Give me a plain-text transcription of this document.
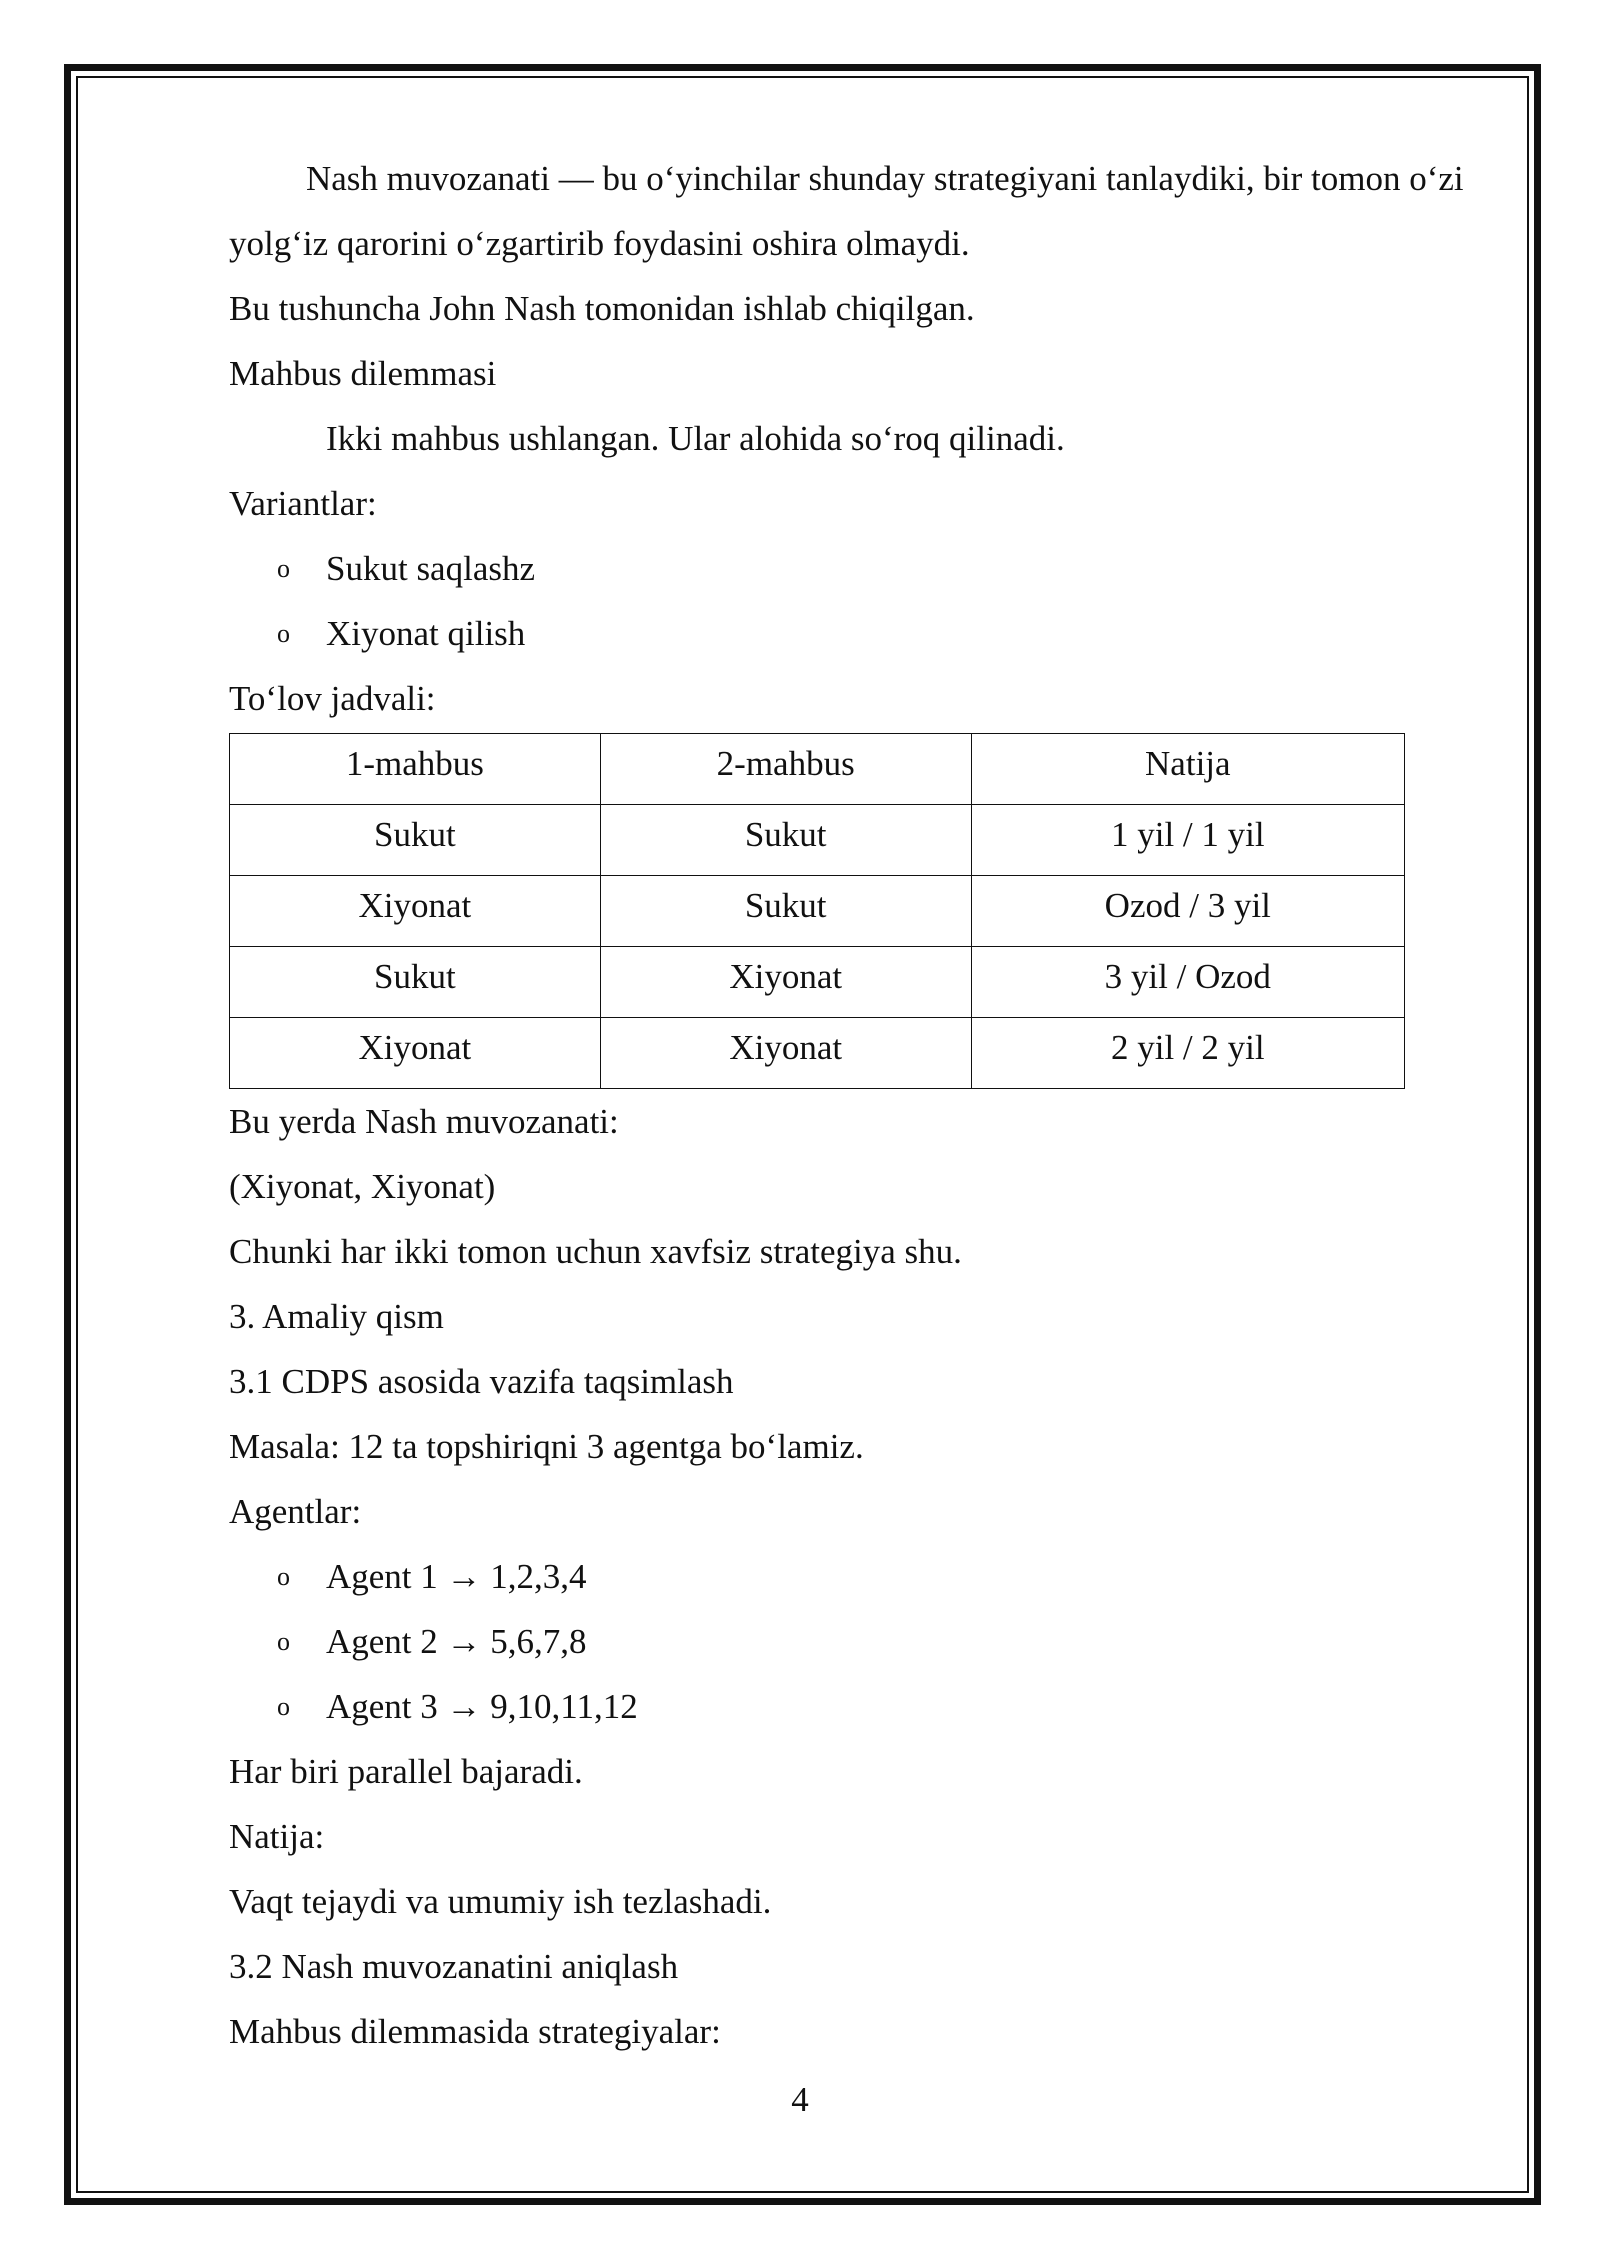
Nash muvozanati — bu o‘yinchilar shunday strategiyani tanlaydiki, bir tomon o‘zi yolg‘iz qarorini o‘zgartirib foydasini oshira olmaydi.

Bu tushuncha John Nash tomonidan ishlab chiqilgan.

Mahbus dilemmasi

Ikki mahbus ushlangan. Ular alohida so‘roq qilinadi.

Variantlar:

o Sukut saqlashz
o Xiyonat qilish

To‘lov jadvali:

1-mahbus	2-mahbus	Natija
Sukut	Sukut	1 yil / 1 yil
Xiyonat	Sukut	Ozod / 3 yil
Sukut	Xiyonat	3 yil / Ozod
Xiyonat	Xiyonat	2 yil / 2 yil

Bu yerda Nash muvozanati:

(Xiyonat, Xiyonat)

Chunki har ikki tomon uchun xavfsiz strategiya shu.

3. Amaliy qism

3.1 CDPS asosida vazifa taqsimlash

Masala: 12 ta topshiriqni 3 agentga bo‘lamiz.

Agentlar:

o Agent 1 → 1,2,3,4
o Agent 2 → 5,6,7,8
o Agent 3 → 9,10,11,12

Har biri parallel bajaradi.

Natija:

Vaqt tejaydi va umumiy ish tezlashadi.

3.2 Nash muvozanatini aniqlash

Mahbus dilemmasida strategiyalar:

4
